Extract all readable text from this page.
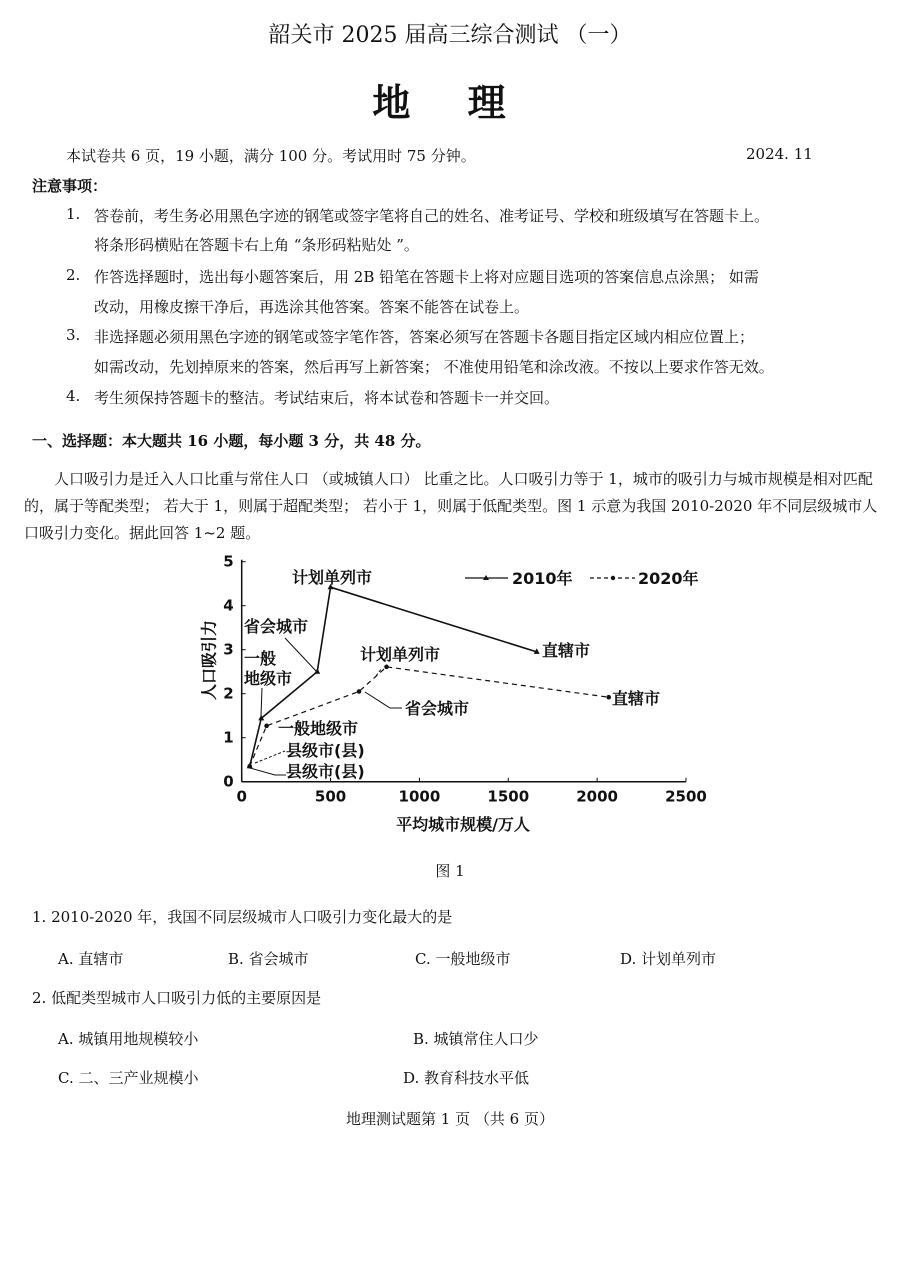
韶关市 2025 届高三综合测试 （一）
地 理
本试卷共 6 页，19 小题，满分 100 分。考试用时 75 分钟。	2024. 11
注意事项：
1. 答卷前，考生务必用黑色字迹的钢笔或签字笔将自己的姓名、准考证号、学校和班级填写在答题卡上。
将条形码横贴在答题卡右上角 “条形码粘贴处 ”。
2. 作答选择题时，选出每小题答案后，用 2B 铅笔在答题卡上将对应题目选项的答案信息点涂黑； 如需
改动，用橡皮擦干净后，再选涂其他答案。答案不能答在试卷上。
3. 非选择题必须用黑色字迹的钢笔或签字笔作答，答案必须写在答题卡各题目指定区域内相应位置上；
如需改动，先划掉原来的答案，然后再写上新答案； 不准使用铅笔和涂改液。不按以上要求作答无效。
4. 考生须保持答题卡的整洁。考试结束后，将本试卷和答题卡一并交回。
一、选择题：本大题共 16 小题，每小题 3 分，共 48 分。
人口吸引力是迁入人口比重与常住人口 （或城镇人口） 比重之比。人口吸引力等于 1，城市的吸引力与城市规模是相对匹配的，属于等配类型； 若大于 1，则属于超配类型； 若小于 1，则属于低配类型。图 1 示意为我国 2010-2020 年不同层级城市人口吸引力变化。据此回答 1~2 题。
0	500	1000	1500	2000	2500
0
1
2
3
4
5
人口吸引力
平均城市规模/万人
2010年	2020年
计划单列市
省会城市
一般
地级市
直辖市
计划单列市
直辖市
省会城市
一般地级市
县级市(县)
县级市(县)
图 1
1. 2010-2020 年，我国不同层级城市人口吸引力变化最大的是
A. 直辖市	B. 省会城市	C. 一般地级市	D. 计划单列市
2. 低配类型城市人口吸引力低的主要原因是
A. 城镇用地规模较小	B. 城镇常住人口少
C. 二、三产业规模小	D. 教育科技水平低
地理测试题第 1 页 （共 6 页）
